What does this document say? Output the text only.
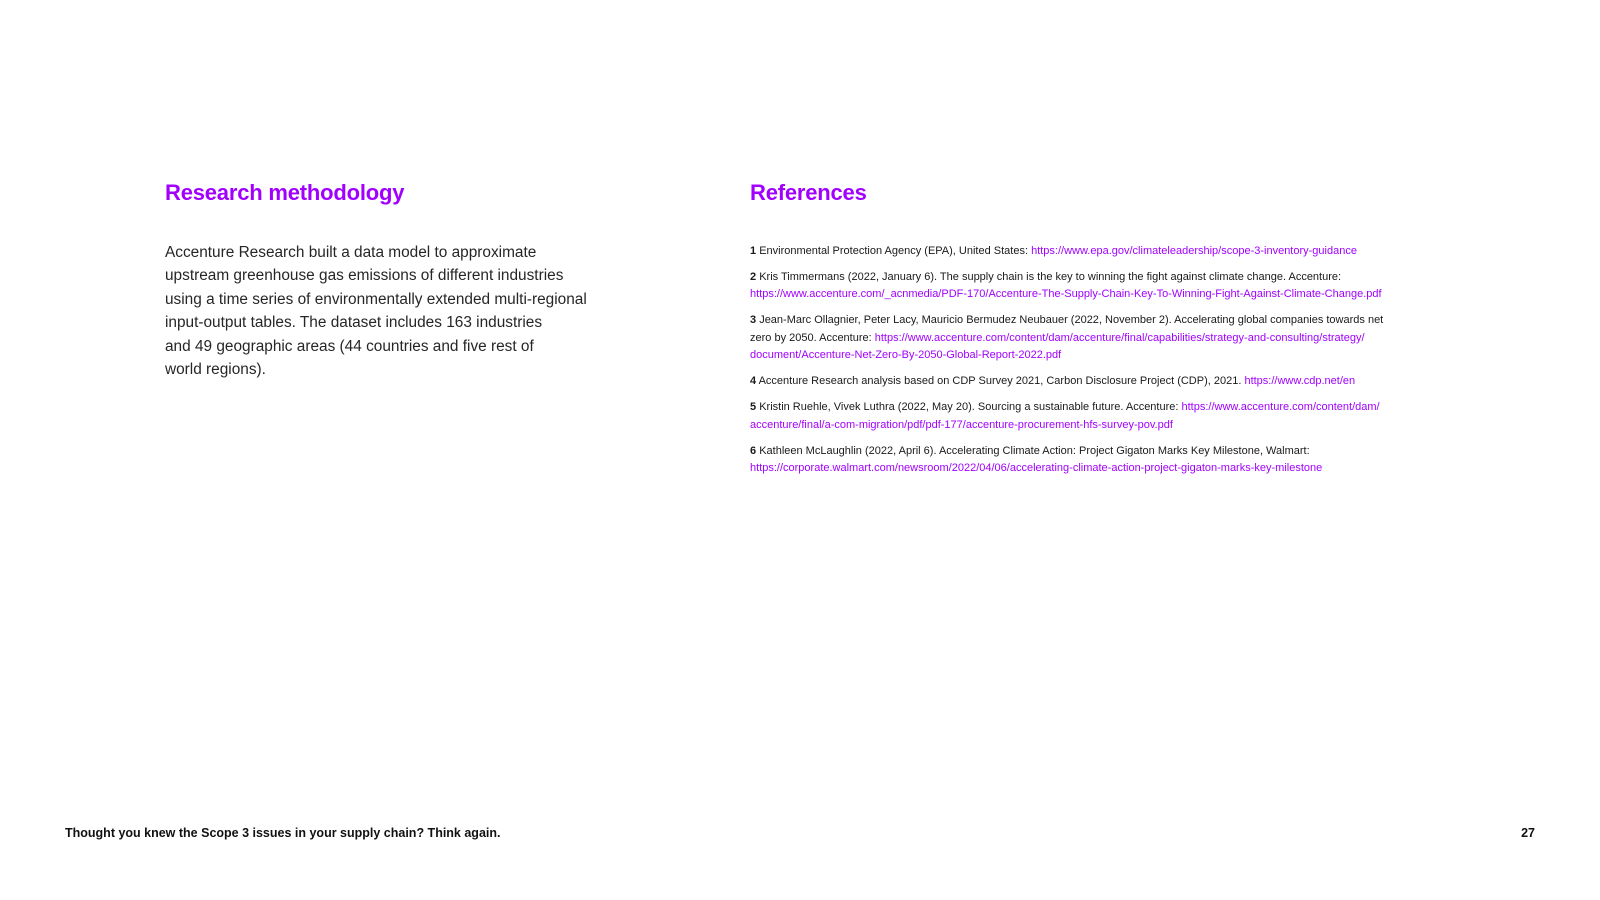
Research methodology
Accenture Research built a data model to approximate
upstream greenhouse gas emissions of different industries
using a time series of environmentally extended multi-regional
input-output tables. The dataset includes 163 industries
and 49 geographic areas (44 countries and five rest of
world regions).
References
1 Environmental Protection Agency (EPA), United States: https://www.epa.gov/climateleadership/scope-3-inventory-guidance
2 Kris Timmermans (2022, January 6). The supply chain is the key to winning the fight against climate change. Accenture:
https://www.accenture.com/_acnmedia/PDF-170/Accenture-The-Supply-Chain-Key-To-Winning-Fight-Against-Climate-Change.pdf
3 Jean-Marc Ollagnier, Peter Lacy, Mauricio Bermudez Neubauer (2022, November 2). Accelerating global companies towards net
zero by 2050. Accenture: https://www.accenture.com/content/dam/accenture/final/capabilities/strategy-and-consulting/strategy/
document/Accenture-Net-Zero-By-2050-Global-Report-2022.pdf
4 Accenture Research analysis based on CDP Survey 2021, Carbon Disclosure Project (CDP), 2021. https://www.cdp.net/en
5 Kristin Ruehle, Vivek Luthra (2022, May 20). Sourcing a sustainable future. Accenture: https://www.accenture.com/content/dam/
accenture/final/a-com-migration/pdf/pdf-177/accenture-procurement-hfs-survey-pov.pdf
6 Kathleen McLaughlin (2022, April 6). Accelerating Climate Action: Project Gigaton Marks Key Milestone, Walmart:
https://corporate.walmart.com/newsroom/2022/04/06/accelerating-climate-action-project-gigaton-marks-key-milestone
Thought you knew the Scope 3 issues in your supply chain? Think again.	27
